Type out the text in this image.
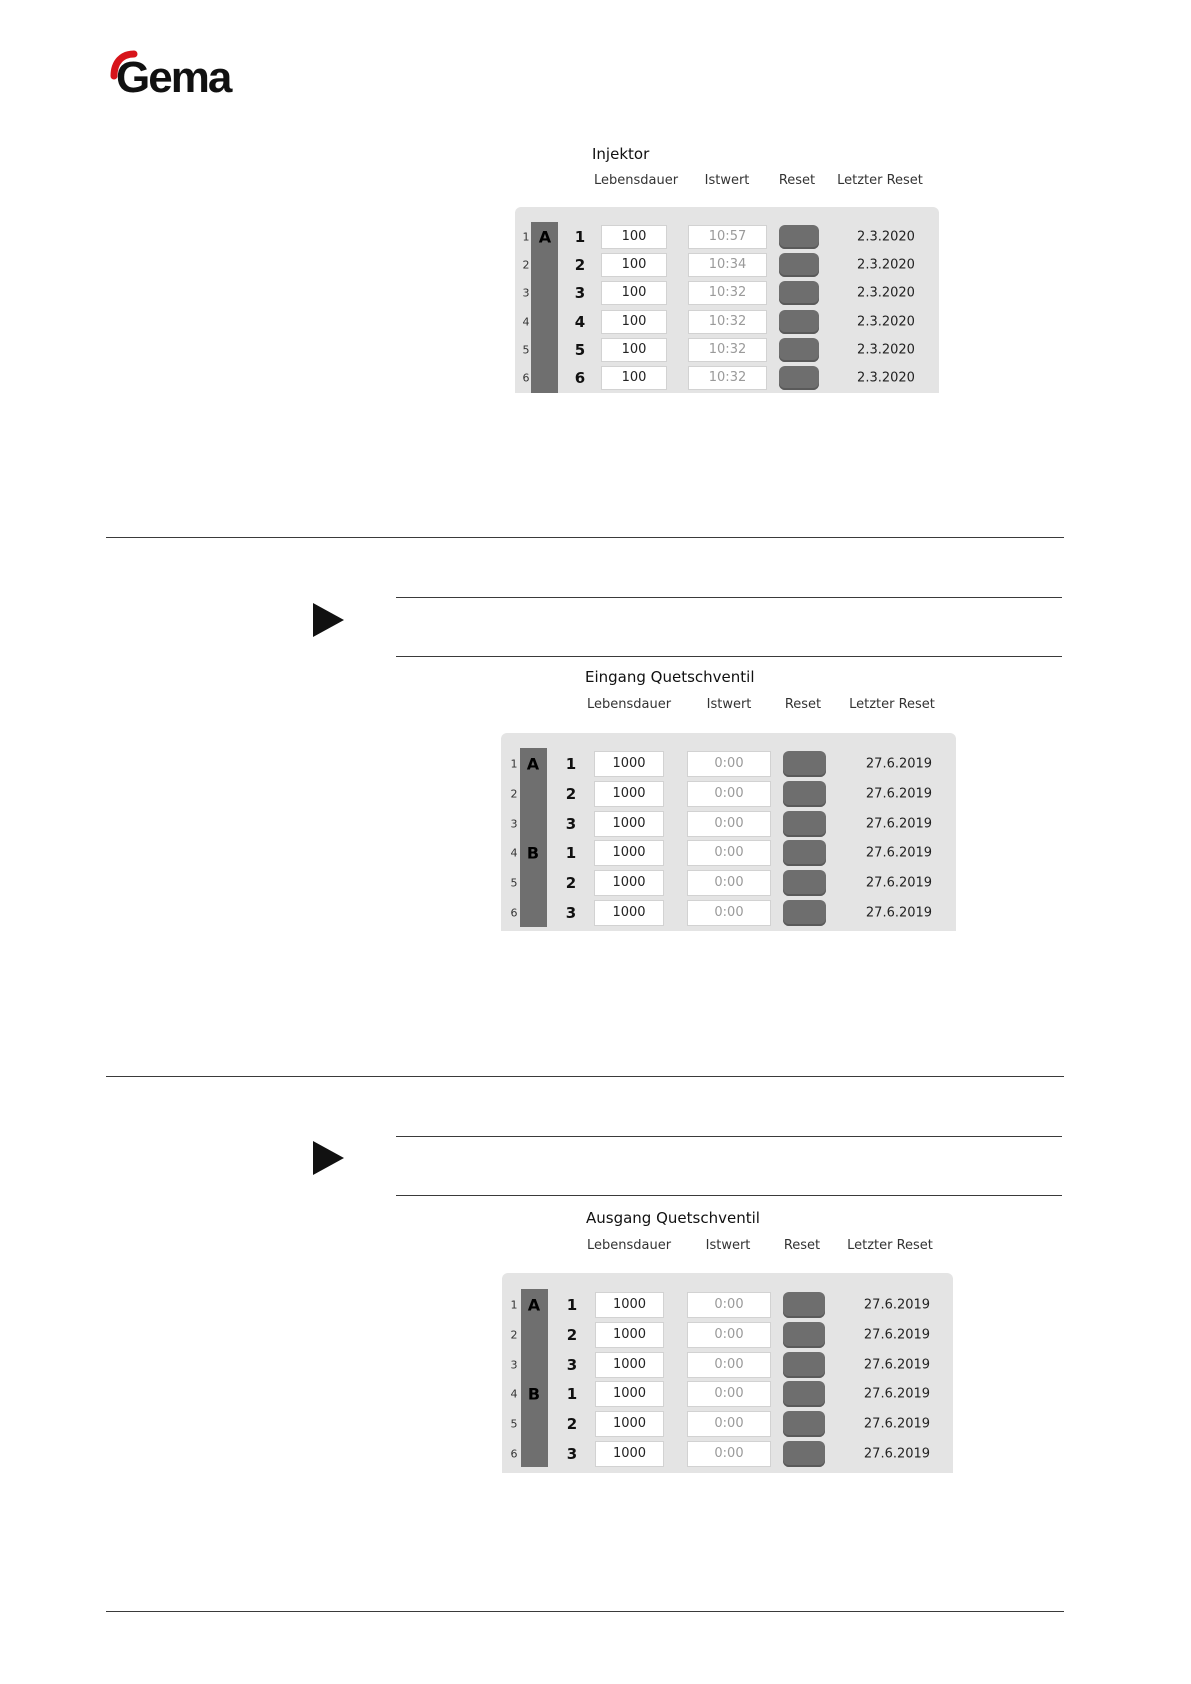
Gema
Injektor
Lebensdauer Istwert Reset Letzter Reset
1 A 1	100	10:57	2.3.2020
2	2	100	10:34	2.3.2020
3	3	100	10:32	2.3.2020
4	4	100	10:32	2.3.2020
5	5	100	10:32	2.3.2020
6	6	100	10:32	2.3.2020
Eingang Quetschventil
Lebensdauer	Istwert	Reset Letzter Reset
1 A 1	1000	0:00	27.6.2019
2	2	1000	0:00	27.6.2019
3	3	1000	0:00	27.6.2019
4 B 1	1000	0:00	27.6.2019
5	2	1000	0:00	27.6.2019
6	3	1000	0:00	27.6.2019
Ausgang Quetschventil
Lebensdauer	Istwert	Reset Letzter Reset
1 A 1	1000	0:00	27.6.2019
2	2	1000	0:00	27.6.2019
3	3	1000	0:00	27.6.2019
4 B 1	1000	0:00	27.6.2019
5	2	1000	0:00	27.6.2019
6	3	1000	0:00	27.6.2019
